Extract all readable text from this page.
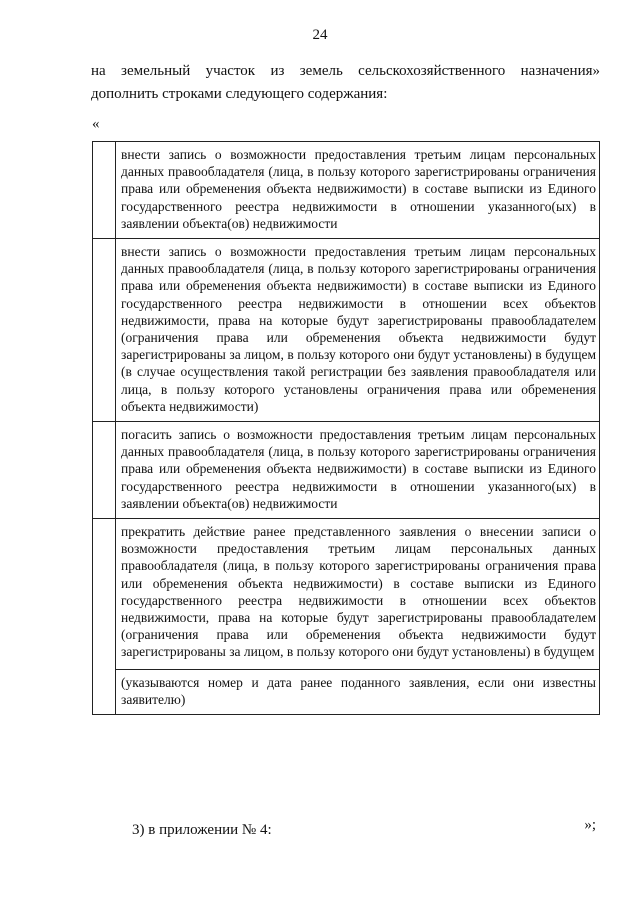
24

на земельный участок из земель сельскохозяйственного назначения»

дополнить строками следующего содержания:

«
	внести запись о возможности предоставления третьим лицам персональных данных правообладателя (лица, в пользу которого зарегистрированы ограничения права или обременения объекта недвижимости) в составе выписки из Единого государственного реестра недвижимости в отношении указанного(ых) в заявлении объекта(ов) недвижимости
	внести запись о возможности предоставления третьим лицам персональных данных правообладателя (лица, в пользу которого зарегистрированы ограничения права или обременения объекта недвижимости) в составе выписки из Единого государственного реестра недвижимости в отношении всех объектов недвижимости, права на которые будут зарегистрированы правообладателем (ограничения права или обременения объекта недвижимости будут зарегистрированы за лицом, в пользу которого они будут установлены) в будущем (в случае осуществления такой регистрации без заявления правообладателя или лица, в пользу которого установлены ограничения права или обременения объекта недвижимости)
	погасить запись о возможности предоставления третьим лицам персональных данных правообладателя (лица, в пользу которого зарегистрированы ограничения права или обременения объекта недвижимости) в составе выписки из Единого государственного реестра недвижимости в отношении указанного(ых) в заявлении объекта(ов) недвижимости

	прекратить действие ранее представленного заявления о внесении записи о возможности предоставления третьим лицам персональных данных правообладателя (лица, в пользу которого зарегистрированы ограничения права или обременения объекта недвижимости) в составе выписки из Единого государственного реестра недвижимости в отношении всех объектов недвижимости, права на которые будут зарегистрированы правообладателем (ограничения права или обременения объекта недвижимости будут зарегистрированы за лицом, в пользу которого они будут установлены) в будущем
(указываются номер и дата ранее поданного заявления, если они известны заявителю)
»;
3) в приложении № 4:
